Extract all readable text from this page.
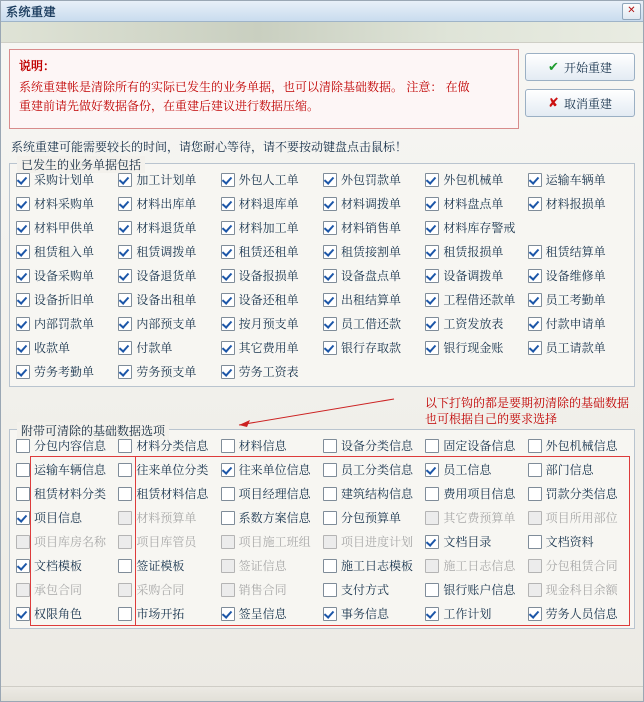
系统重建	✕
说明：

系统重建帐是清除所有的实际已发生的业务单据，也可以清除基础数据。 注意： 在做

重建前请先做好数据备份，在重建后建议进行数据压缩。

✔ 开始重建
✘ 取消重建
系统重建可能需要较长的时间，请您耐心等待，请不要按动键盘点击鼠标！
已发生的业务单据包括
采购计划单	加工计划单	外包人工单	外包罚款单	外包机械单	运输车辆单
材料采购单	材料出库单	材料退库单	材料调拨单	材料盘点单	材料报损单
材料甲供单	材料退货单	材料加工单	材料销售单	材料库存警戒
租赁租入单	租赁调拨单	租赁还租单	租赁接割单	租赁报损单	租赁结算单
设备采购单	设备退货单	设备报损单	设备盘点单	设备调拨单	设备维修单
设备折旧单	设备出租单	设备还租单	出租结算单	工程借还款单	员工考勤单
内部罚款单	内部预支单	按月预支单	员工借还款	工资发放表	付款申请单
收款单	付款单	其它费用单	银行存取款	银行现金账	员工请款单
劳务考勤单	劳务预支单	劳务工资表
以下打钩的都是要期初清除的基础数据
也可根据自己的要求选择
附带可清除的基础数据选项
分包内容信息	材料分类信息	材料信息	设备分类信息	固定设备信息	外包机械信息
运输车辆信息	往来单位分类	往来单位信息	员工分类信息	员工信息	部门信息
租赁材料分类	租赁材料信息	项目经理信息	建筑结构信息	费用项目信息	罚款分类信息
项目信息	材料预算单	系数方案信息	分包预算单	其它费预算单	项目所用部位
项目库房名称	项目库管员	项目施工班组	项目进度计划	文档目录	文档资料
文档模板	签证模板	签证信息	施工日志模板	施工日志信息	分包租赁合同
承包合同	采购合同	销售合同	支付方式	银行账户信息	现金科目余额
权限角色	市场开拓	签呈信息	事务信息	工作计划	劳务人员信息
